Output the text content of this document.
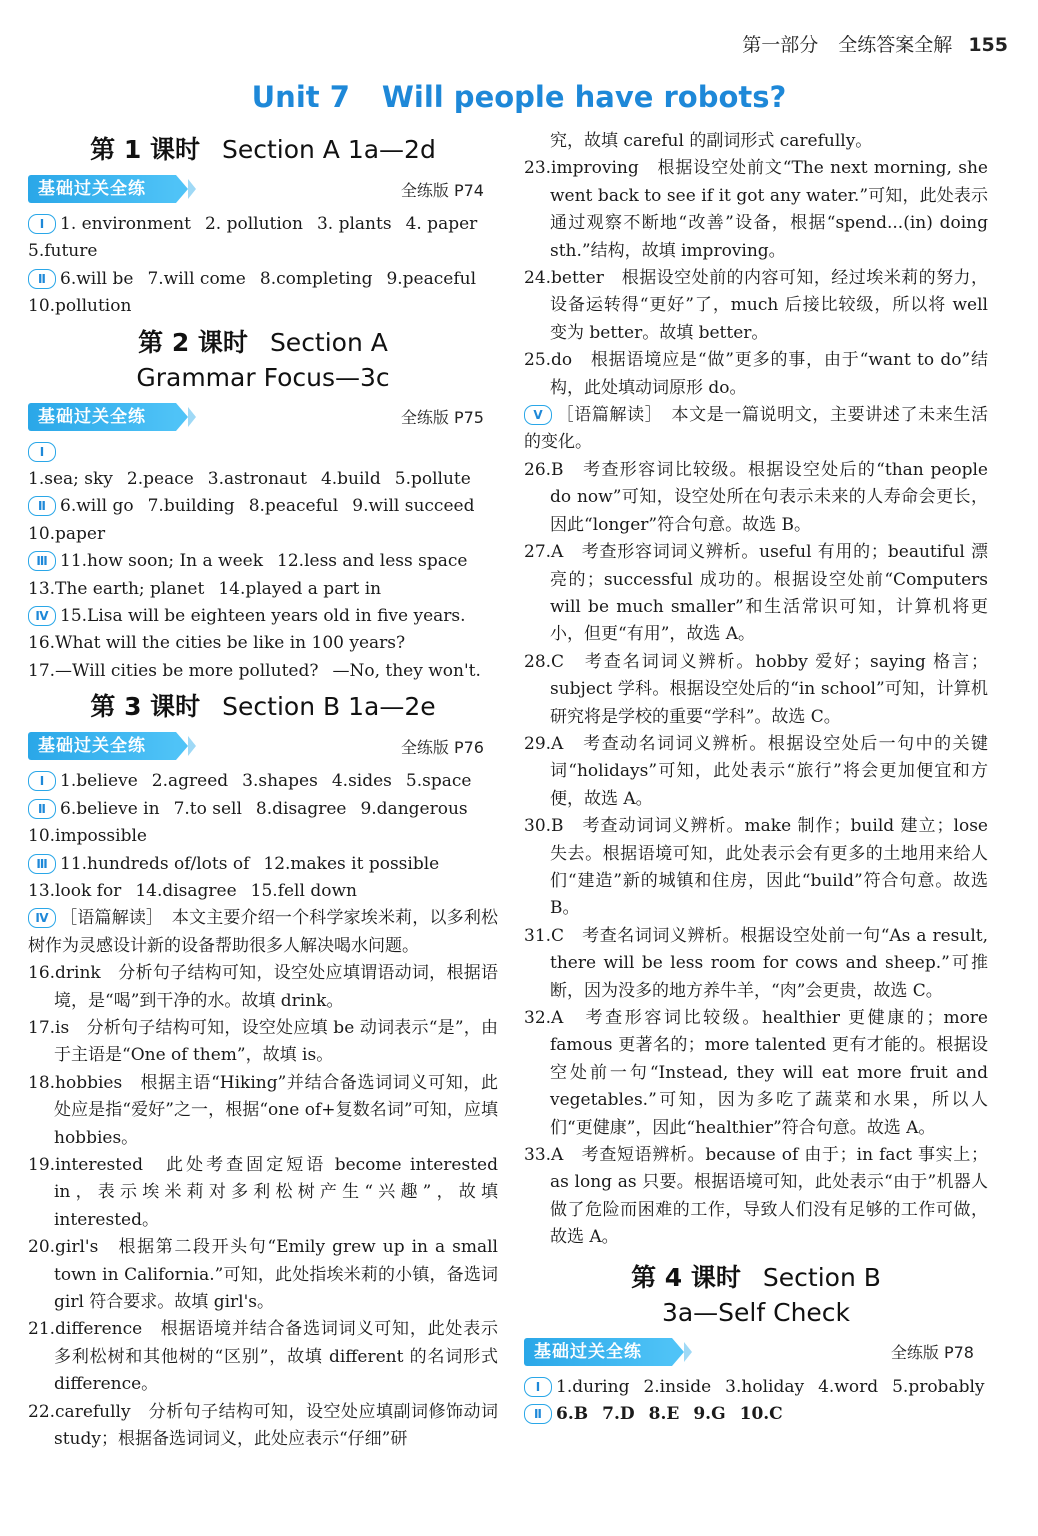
第一部分 全练答案全解 155
Unit 7 Will people have robots?
第 1 课时 Section A 1a—2d
基础过关全练	全练版 P74

Ⅰ 1. environment 2. pollution 3. plants 4. paper

5.future

Ⅱ 6.will be 7.will come 8.completing 9.peaceful

10.pollution

第 2 课时 Section A
Grammar Focus—3c
基础过关全练	全练版 P75

Ⅰ1.sea; sky 2.peace 3.astronaut 4.build 5.pollute

Ⅱ 6.will go 7.building 8.peaceful 9.will succeed

10.paper

Ⅲ 11.how soon; In a week 12.less and less space

13.The earth; planet 14.played a part in

Ⅳ 15.Lisa will be eighteen years old in five years.

16.What will the cities be like in 100 years?

17.—Will cities be more polluted? —No, they won't.

第 3 课时 Section B 1a—2e
基础过关全练	全练版 P76

Ⅰ 1.believe 2.agreed 3.shapes 4.sides 5.space

Ⅱ 6.believe in 7.to sell 8.disagree 9.dangerous

10.impossible

Ⅲ 11.hundreds of/lots of 12.makes it possible

13.look for 14.disagree 15.fell down

Ⅳ ［语篇解读］　本文主要介绍一个科学家埃米莉，以多利松树作为灵感设计新的设备帮助很多人解决喝水问题。

16.drink　分析句子结构可知，设空处应填谓语动词，根据语境，是“喝”到干净的水。故填 drink。

17.is　分析句子结构可知，设空处应填 be 动词表示“是”，由于主语是“One of them”，故填 is。

18.hobbies　根据主语“Hiking”并结合备选词词义可知，此处应是指“爱好”之一，根据“one of+复数名词”可知，应填 hobbies。

19.interested　此处考查固定短语 become interested in，表示埃米莉对多利松树产生“兴趣”，故填 interested。

20.girl's　根据第二段开头句“Emily grew up in a small town in California.”可知，此处指埃米莉的小镇，备选词 girl 符合要求。故填 girl's。

21.difference　根据语境并结合备选词词义可知，此处表示多利松树和其他树的“区别”，故填 different 的名词形式 difference。

22.carefully　分析句子结构可知，设空处应填副词修饰动词 study；根据备选词词义，此处应表示“仔细”研

究，故填 careful 的副词形式 carefully。

23.improving　根据设空处前文“The next morning, she went back to see if it got any water.”可知，此处表示通过观察不断地“改善”设备，根据“spend...(in) doing sth.”结构，故填 improving。

24.better　根据设空处前的内容可知，经过埃米莉的努力，设备运转得“更好”了，much 后接比较级，所以将 well 变为 better。故填 better。

25.do　根据语境应是“做”更多的事，由于“want to do”结构，此处填动词原形 do。

Ⅴ ［语篇解读］　本文是一篇说明文，主要讲述了未来生活的变化。

26.B　考查形容词比较级。根据设空处后的“than people do now”可知，设空处所在句表示未来的人寿命会更长，因此“longer”符合句意。故选 B。

27.A　考查形容词词义辨析。useful 有用的；beautiful 漂亮的；successful 成功的。根据设空处前“Computers will be much smaller”和生活常识可知，计算机将更小，但更“有用”，故选 A。

28.C　考查名词词义辨析。hobby 爱好；saying 格言；subject 学科。根据设空处后的“in school”可知，计算机研究将是学校的重要“学科”。故选 C。

29.A　考查动名词词义辨析。根据设空处后一句中的关键词“holidays”可知，此处表示“旅行”将会更加便宜和方便，故选 A。

30.B　考查动词词义辨析。make 制作；build 建立；lose 失去。根据语境可知，此处表示会有更多的土地用来给人们“建造”新的城镇和住房，因此“build”符合句意。故选 B。

31.C　考查名词词义辨析。根据设空处前一句“As a result, there will be less room for cows and sheep.”可推断，因为没多的地方养牛羊，“肉”会更贵，故选 C。

32.A　考查形容词比较级。healthier 更健康的；more famous 更著名的；more talented 更有才能的。根据设空处前一句“Instead, they will eat more fruit and vegetables.”可知，因为多吃了蔬菜和水果，所以人们“更健康”，因此“healthier”符合句意。故选 A。

33.A　考查短语辨析。because of 由于；in fact 事实上；as long as 只要。根据语境可知，此处表示“由于”机器人做了危险而困难的工作，导致人们没有足够的工作可做，故选 A。

第 4 课时 Section B
3a—Self Check
基础过关全练	全练版 P78

Ⅰ 1.during 2.inside 3.holiday 4.word 5.probably

Ⅱ 6.B 7.D 8.E 9.G 10.C
